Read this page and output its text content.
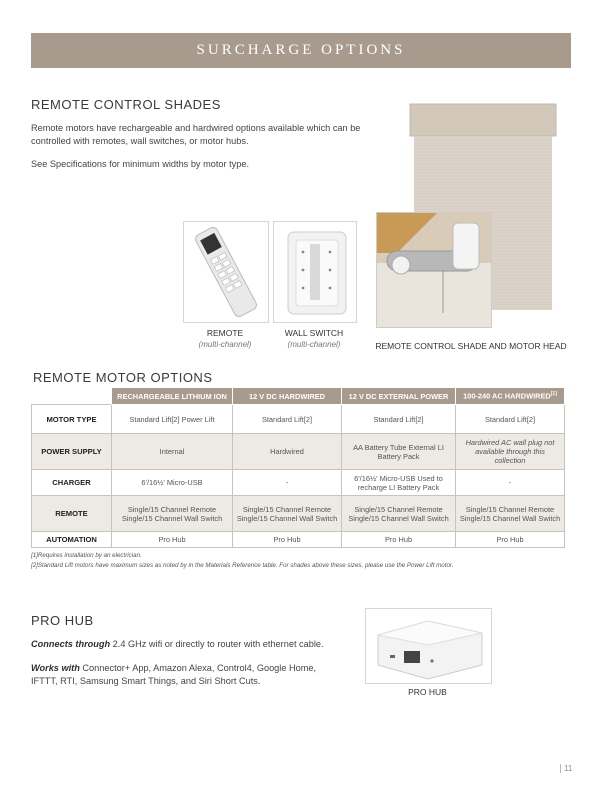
SURCHARGE OPTIONS
REMOTE CONTROL SHADES
Remote motors have rechargeable and hardwired options available which can be controlled with remotes, wall switches, or motor hubs.
See Specifications for minimum widths by motor type.
REMOTE
(multi-channel)
WALL SWITCH
(multi-channel)	REMOTE CONTROL SHADE AND MOTOR HEAD
REMOTE MOTOR OPTIONS
	RECHARGEABLE LITHIUM ION	12 V DC HARDWIRED	12 V DC EXTERNAL POWER	100-240 AC HARDWIRED[1]
MOTOR TYPE	Standard Lift[2] Power Lift	Standard Lift[2]	Standard Lift[2]	Standard Lift[2]
POWER SUPPLY	Internal	Hardwired	AA Battery Tube External LI Battery Pack	Hardwired AC wall plug not available through this collection
CHARGER	6'/16½' Micro-USB	-	6'/16½' Micro-USB Used to recharge LI Battery Pack	-
REMOTE	Single/15 Channel Remote Single/15 Channel Wall Switch	Single/15 Channel Remote Single/15 Channel Wall Switch	Single/15 Channel Remote Single/15 Channel Wall Switch	Single/15 Channel Remote Single/15 Channel Wall Switch
AUTOMATION	Pro Hub	Pro Hub	Pro Hub	Pro Hub
[1]Requires installation by an electrician.
[2]Standard Lift motors have maximum sizes as noted by in the Materials Reference table. For shades above these sizes, please use the Power Lift motor.
PRO HUB
Connects through 2.4 GHz wifi or directly to router with ethernet cable.
Works with Connector+ App, Amazon Alexa, Control4, Google Home, IFTTT, RTI, Samsung Smart Things, and Siri Short Cuts.
PRO HUB
11
